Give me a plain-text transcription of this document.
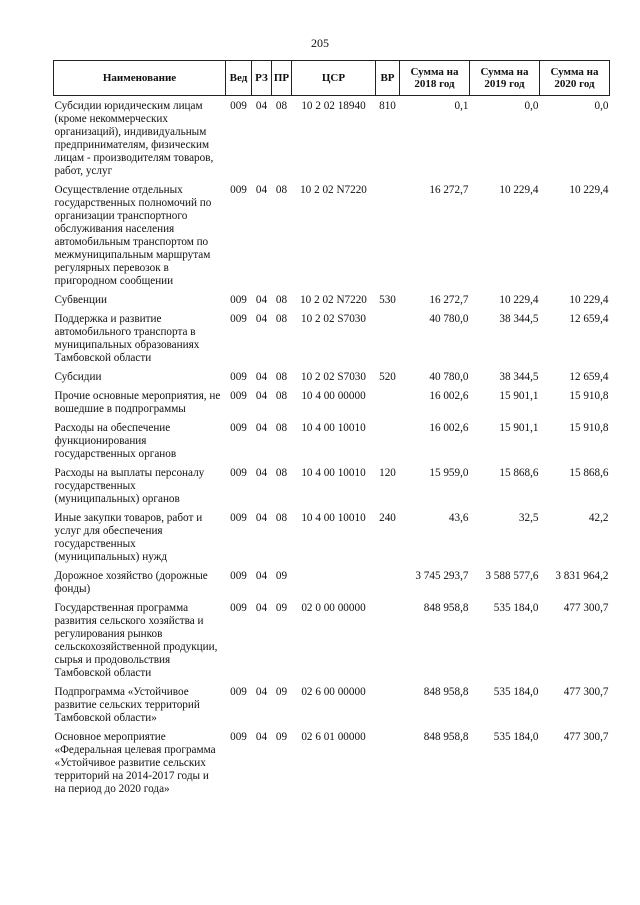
205
Наименование	Вед	РЗ	ПР	ЦСР	ВР	Сумма на 2018 год	Сумма на 2019 год	Сумма на 2020 год
Субсидии юридическим лицам (кроме некоммерческих организаций), индивидуальным предпринимателям, физическим лицам - производителям товаров, работ, услуг	009	04	08	10 2 02 18940	810	0,1	0,0	0,0
Осуществление отдельных государственных полномочий по организации транспортного обслуживания населения автомобильным транспортом по межмуниципальным маршрутам регулярных перевозок в пригородном сообщении	009	04	08	10 2 02 N7220		16 272,7	10 229,4	10 229,4
Субвенции	009	04	08	10 2 02 N7220	530	16 272,7	10 229,4	10 229,4
Поддержка и развитие автомобильного транспорта в муниципальных образованиях Тамбовской области	009	04	08	10 2 02 S7030		40 780,0	38 344,5	12 659,4
Субсидии	009	04	08	10 2 02 S7030	520	40 780,0	38 344,5	12 659,4
Прочие основные мероприятия, не вошедшие в подпрограммы	009	04	08	10 4 00 00000		16 002,6	15 901,1	15 910,8
Расходы на обеспечение функционирования государственных органов	009	04	08	10 4 00 10010		16 002,6	15 901,1	15 910,8
Расходы на выплаты персоналу государственных (муниципальных) органов	009	04	08	10 4 00 10010	120	15 959,0	15 868,6	15 868,6
Иные закупки товаров, работ и услуг для обеспечения государственных (муниципальных) нужд	009	04	08	10 4 00 10010	240	43,6	32,5	42,2
Дорожное хозяйство (дорожные фонды)	009	04	09			3 745 293,7	3 588 577,6	3 831 964,2
Государственная программа развития сельского хозяйства и регулирования рынков сельскохозяйственной продукции, сырья и продовольствия Тамбовской области	009	04	09	02 0 00 00000		848 958,8	535 184,0	477 300,7
Подпрограмма «Устойчивое развитие сельских территорий Тамбовской области»	009	04	09	02 6 00 00000		848 958,8	535 184,0	477 300,7
Основное мероприятие «Федеральная целевая программа «Устойчивое развитие сельских территорий на 2014-2017 годы и на период до 2020 года»	009	04	09	02 6 01 00000		848 958,8	535 184,0	477 300,7
